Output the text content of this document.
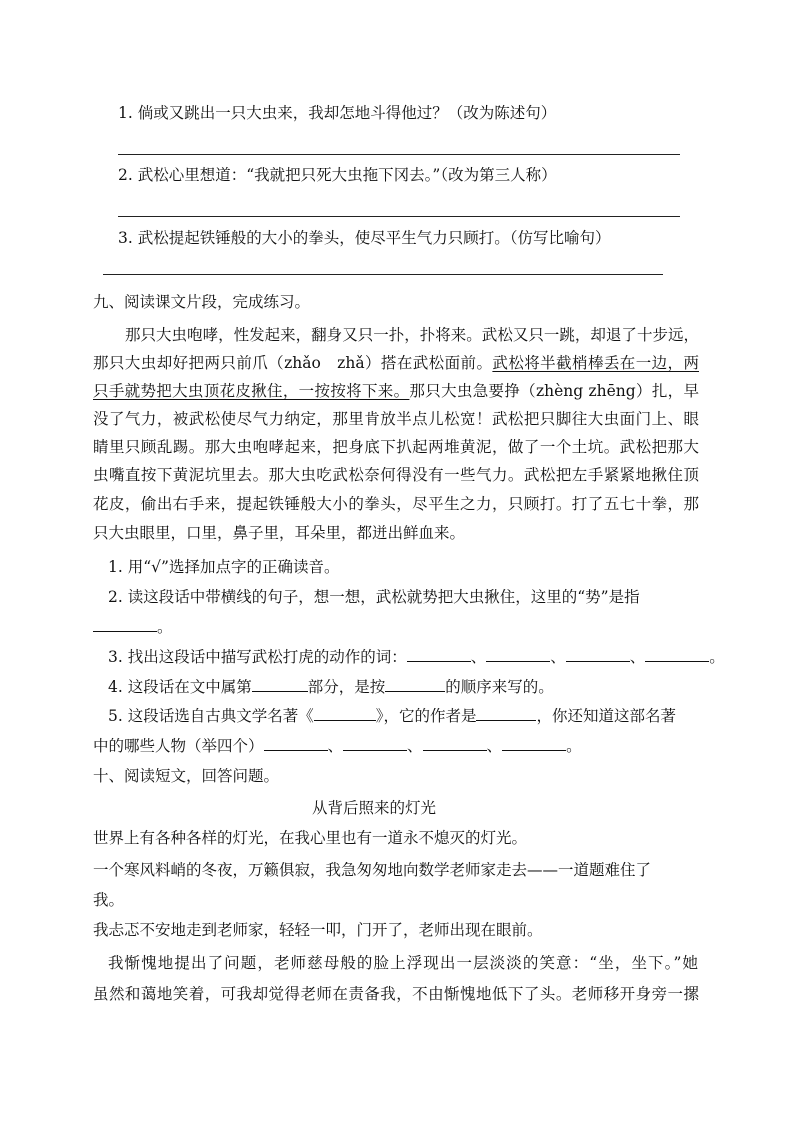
1. 倘或又跳出一只大虫来，我却怎地斗得他过？（改为陈述句）
2. 武松心里想道：“我就把只死大虫拖下冈去。”（改为第三人称）
3. 武松提起铁锤般的大小的拳头，使尽平生气力只顾打。（仿写比喻句）
九、阅读课文片段，完成练习。
那只大虫咆哮，性发起来，翻身又只一扑，扑将来。武松又只一跳，却退了十步远，
那只大虫却好把两只前爪（zhǎo　zhǎ）搭在武松面前。武松将半截梢棒丢在一边，两
只手就势把大虫顶花皮揪住，一按按将下来。那只大虫急要挣（zhèng zhēng）扎，早
没了气力，被武松使尽气力纳定，那里肯放半点儿松宽！武松把只脚往大虫面门上、眼
睛里只顾乱踢。那大虫咆哮起来，把身底下扒起两堆黄泥，做了一个土坑。武松把那大
虫嘴直按下黄泥坑里去。那大虫吃武松奈何得没有一些气力。武松把左手紧紧地揪住顶
花皮，偷出右手来，提起铁锤般大小的拳头，尽平生之力，只顾打。打了五七十拳，那
只大虫眼里，口里，鼻子里，耳朵里，都迸出鲜血来。
1. 用“√”选择加点字的正确读音。
2. 读这段话中带横线的句子，想一想，武松就势把大虫揪住，这里的“势”是指
。
3. 找出这段话中描写武松打虎的动作的词：	、	、	、	。
4. 这段话在文中属第	部分，是按	的顺序来写的。
5. 这段话选自古典文学名著《	》，它的作者是	，你还知道这部名著
中的哪些人物（举四个）	、	、	、	。
十、阅读短文，回答问题。
从背后照来的灯光
世界上有各种各样的灯光，在我心里也有一道永不熄灭的灯光。
一个寒风料峭的冬夜，万籁俱寂，我急匆匆地向数学老师家走去——一道题难住了
我。
我忐忑不安地走到老师家，轻轻一叩，门开了，老师出现在眼前。
我惭愧地提出了问题，老师慈母般的脸上浮现出一层淡淡的笑意：“坐，坐下。”她
虽然和蔼地笑着，可我却觉得老师在责备我，不由惭愧地低下了头。老师移开身旁一摞
